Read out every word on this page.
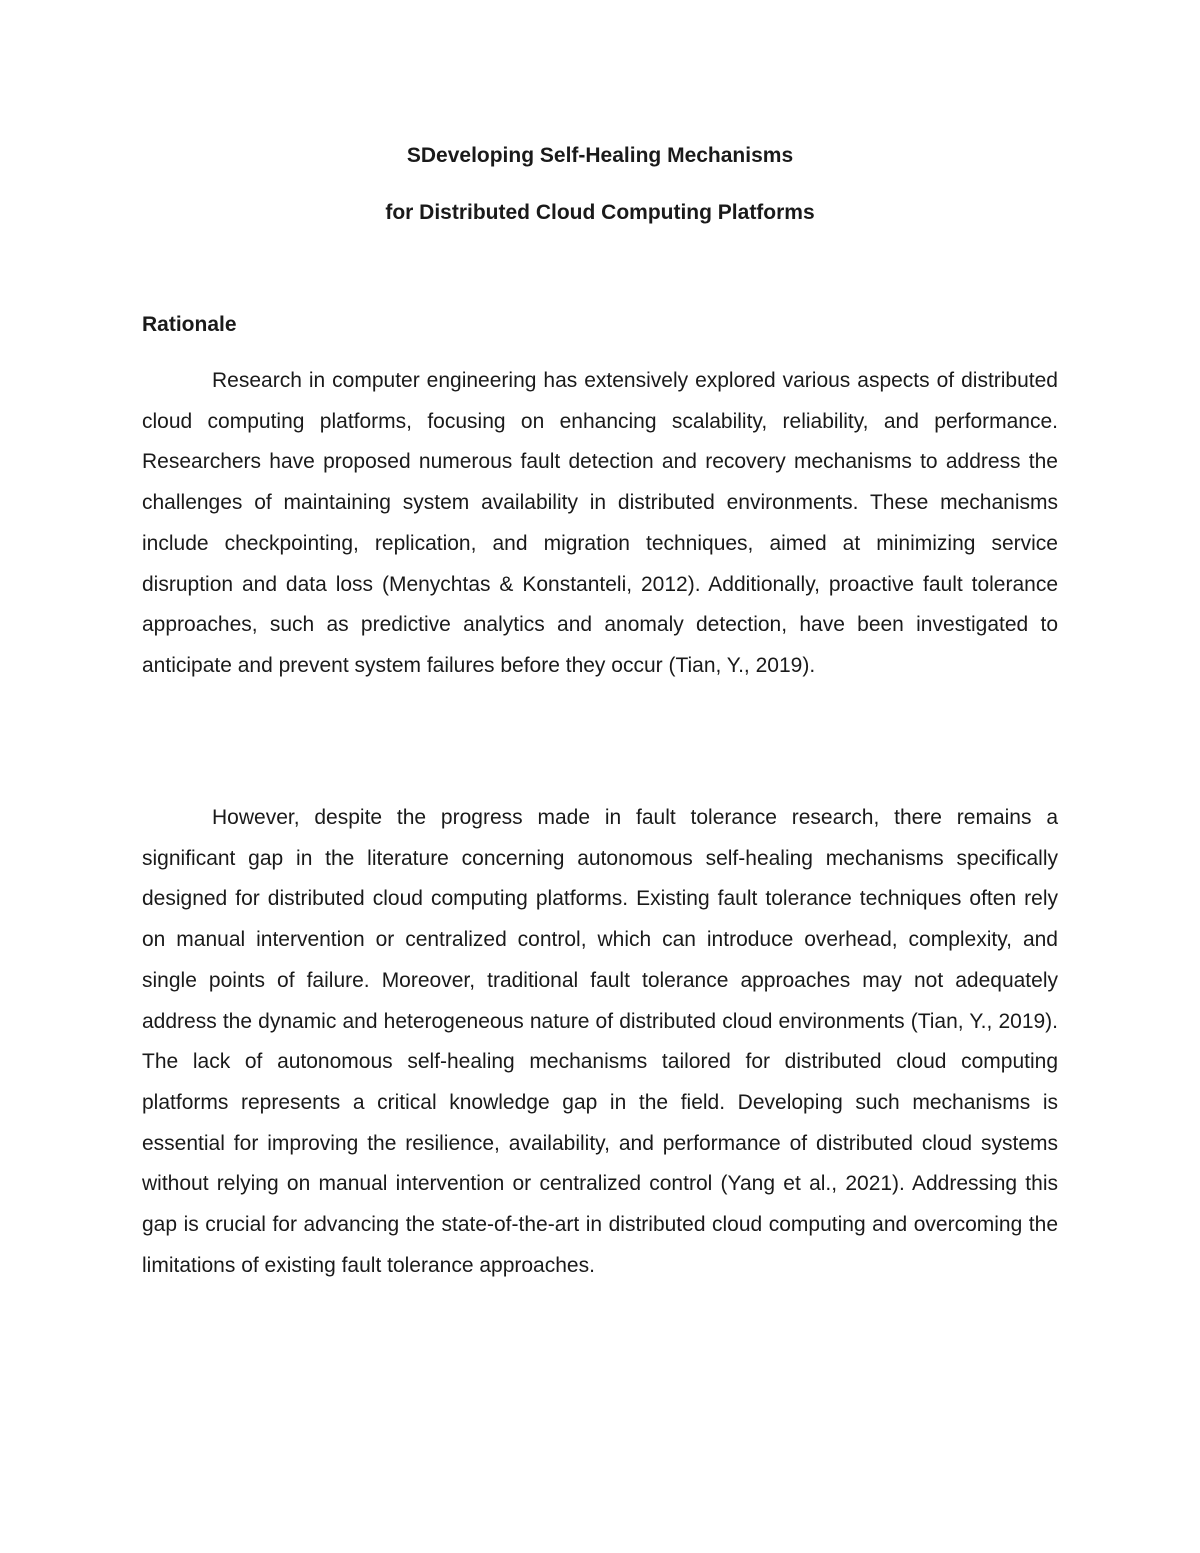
SDeveloping Self-Healing Mechanisms

for Distributed Cloud Computing Platforms

Rationale

Research in computer engineering has extensively explored various aspects of distributed cloud computing platforms, focusing on enhancing scalability, reliability, and performance. Researchers have proposed numerous fault detection and recovery mechanisms to address the challenges of maintaining system availability in distributed environments. These mechanisms include checkpointing, replication, and migration techniques, aimed at minimizing service disruption and data loss (Menychtas & Konstanteli, 2012). Additionally, proactive fault tolerance approaches, such as predictive analytics and anomaly detection, have been investigated to anticipate and prevent system failures before they occur (Tian, Y., 2019).

However, despite the progress made in fault tolerance research, there remains a significant gap in the literature concerning autonomous self-healing mechanisms specifically designed for distributed cloud computing platforms. Existing fault tolerance techniques often rely on manual intervention or centralized control, which can introduce overhead, complexity, and single points of failure. Moreover, traditional fault tolerance approaches may not adequately address the dynamic and heterogeneous nature of distributed cloud environments (Tian, Y., 2019). The lack of autonomous self-healing mechanisms tailored for distributed cloud computing platforms represents a critical knowledge gap in the field. Developing such mechanisms is essential for improving the resilience, availability, and performance of distributed cloud systems without relying on manual intervention or centralized control (Yang et al., 2021). Addressing this gap is crucial for advancing the state-of-the-art in distributed cloud computing and overcoming the limitations of existing fault tolerance approaches.
